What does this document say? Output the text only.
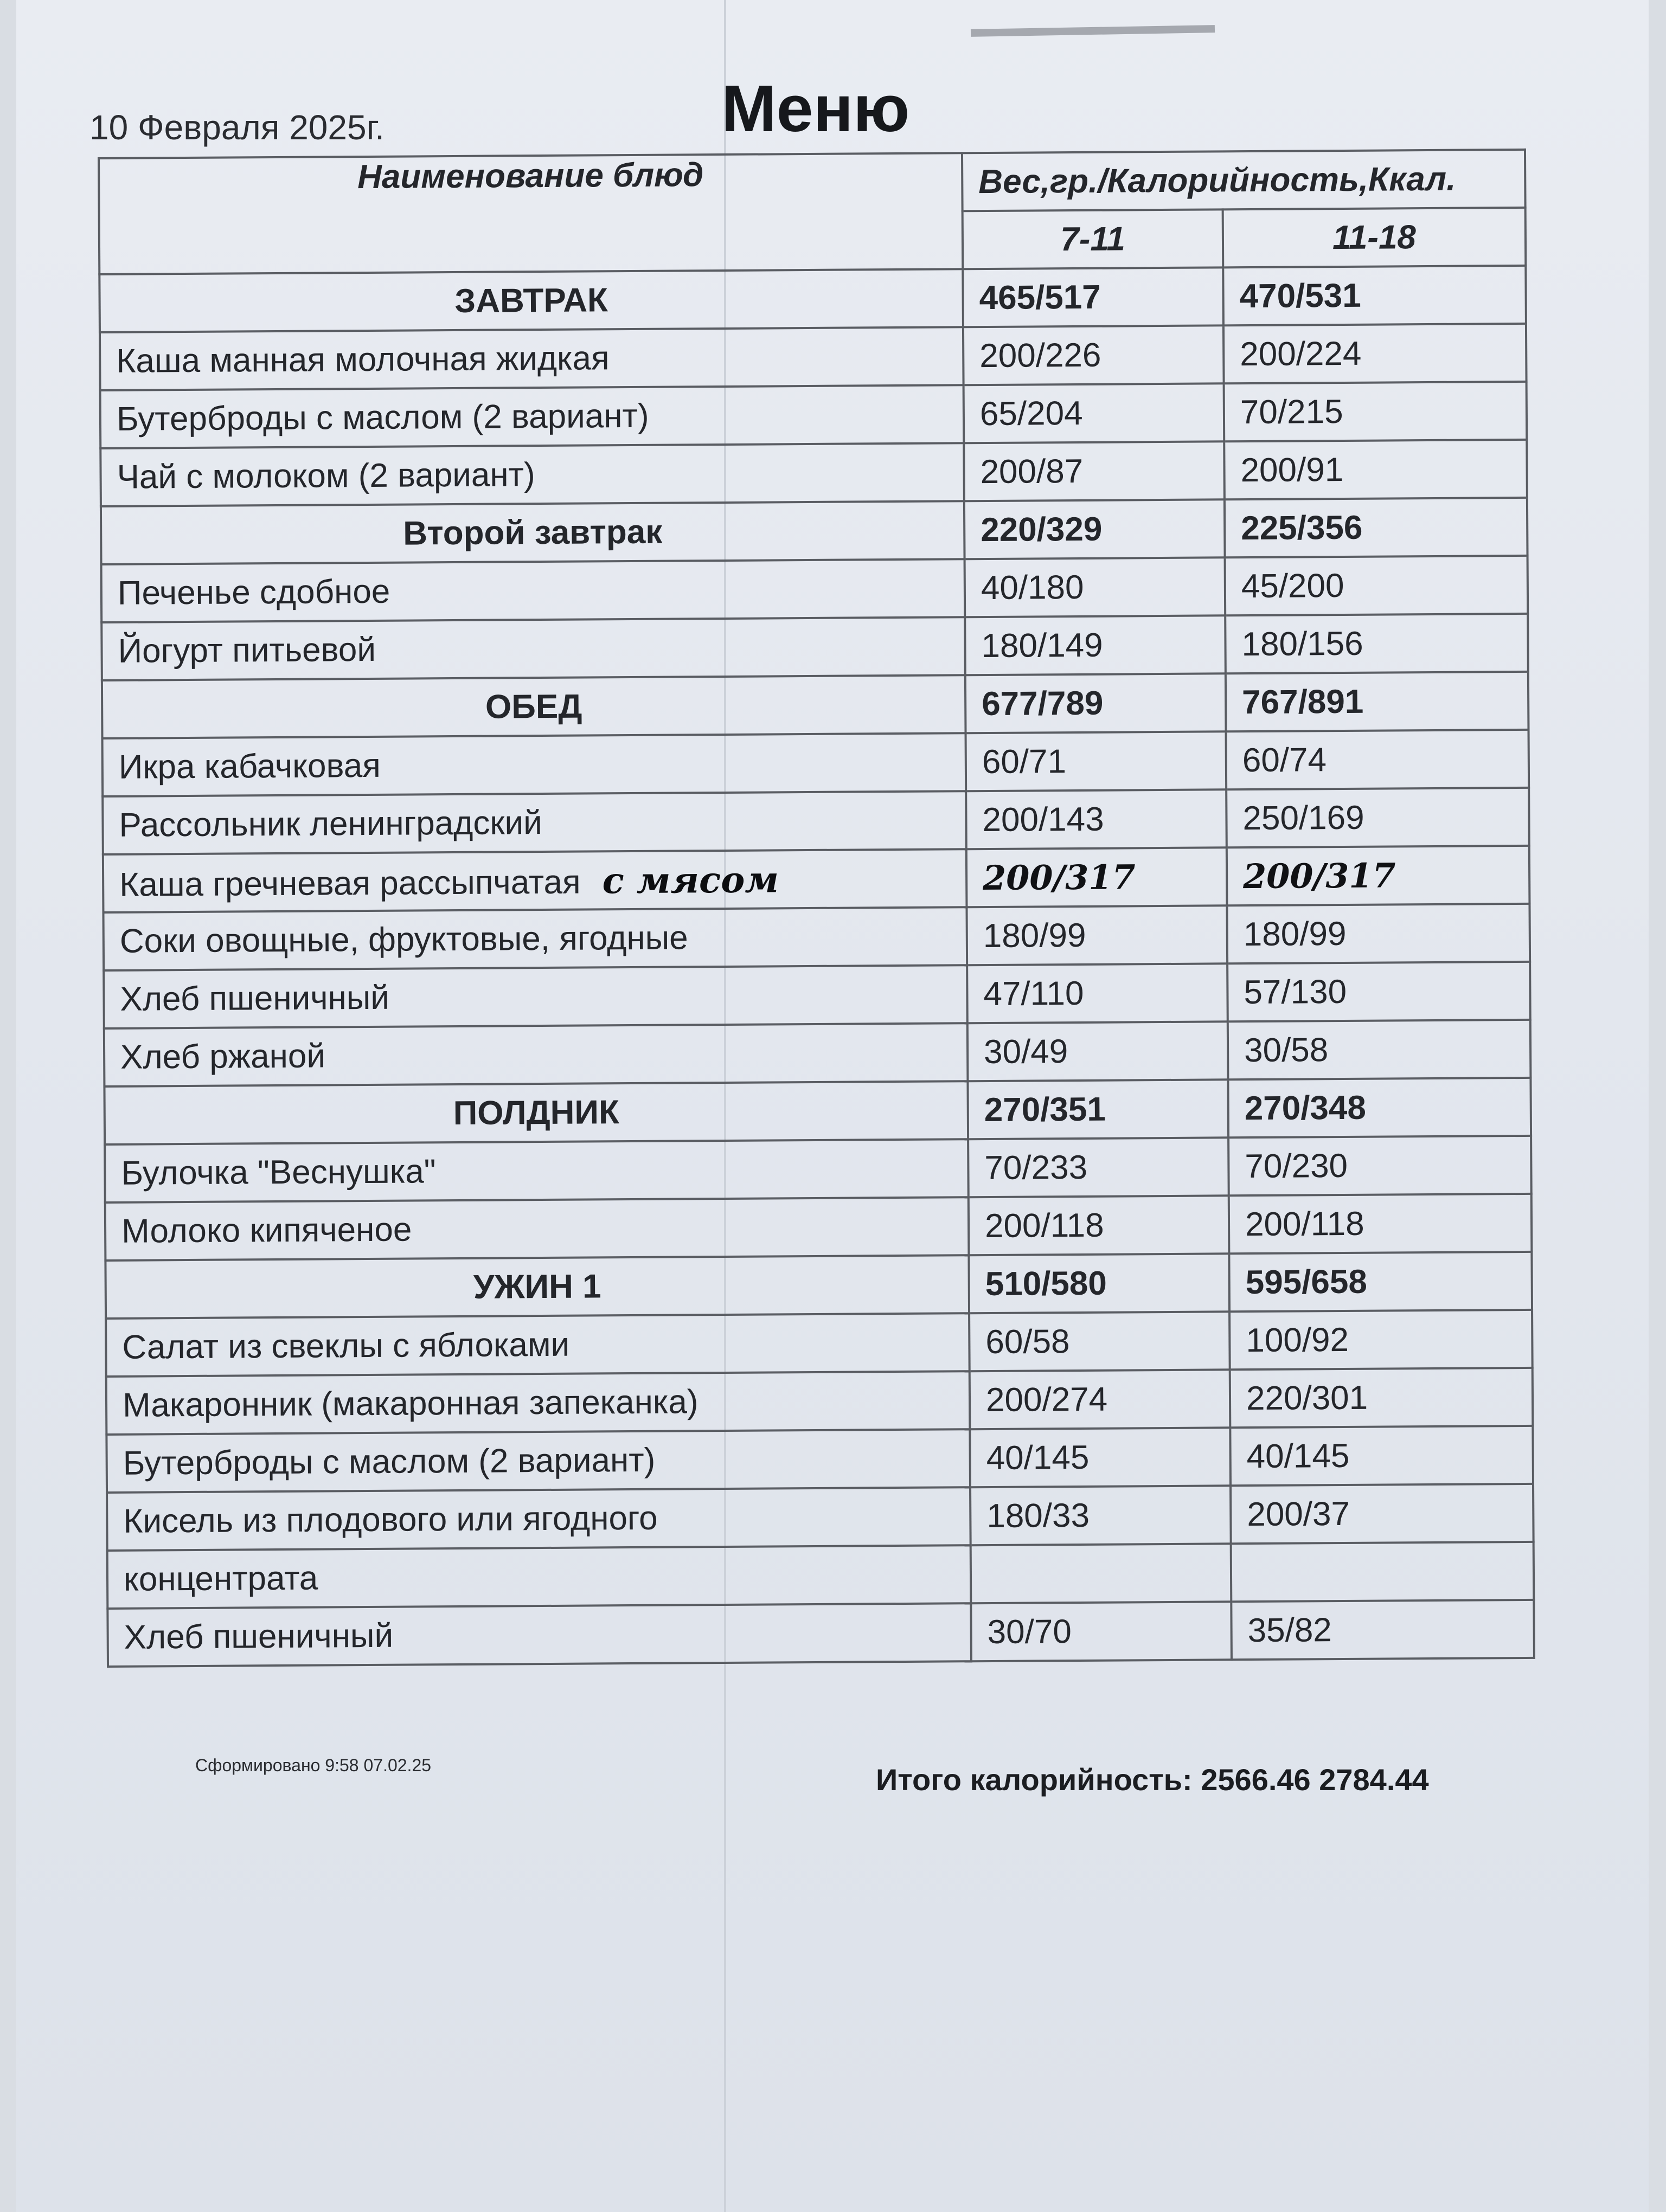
10 Февраля 2025г.	Меню
Наименование блюд	Вес,гр./Калорийность,Ккал.	
	7-11	11-18
ЗАВТРАК	465/517	470/531
Каша манная молочная жидкая	200/226	200/224
Бутерброды с маслом (2 вариант)	65/204	70/215
Чай с молоком (2 вариант)	200/87	200/91
Второй завтрак	220/329	225/356
Печенье сдобное	40/180	45/200
Йогурт питьевой	180/149	180/156
ОБЕД	677/789	767/891
Икра кабачковая	60/71	60/74
Рассольник ленинградский	200/143	250/169
Каша гречневая рассыпчатая с мясом	200/317	200/317
Соки овощные, фруктовые, ягодные	180/99	180/99
Хлеб пшеничный	47/110	57/130
Хлеб ржаной	30/49	30/58
ПОЛДНИК	270/351	270/348
Булочка "Веснушка"	70/233	70/230
Молоко кипяченое	200/118	200/118
УЖИН 1	510/580	595/658
Салат из свеклы с яблоками	60/58	100/92
Макаронник (макаронная запеканка)	200/274	220/301
Бутерброды с маслом (2 вариант)	40/145	40/145
Кисель из плодового или ягодного	180/33	200/37
концентрата		
Хлеб пшеничный	30/70	35/82
Сформировано 9:58 07.02.25	Итого калорийность: 2566.46 2784.44
